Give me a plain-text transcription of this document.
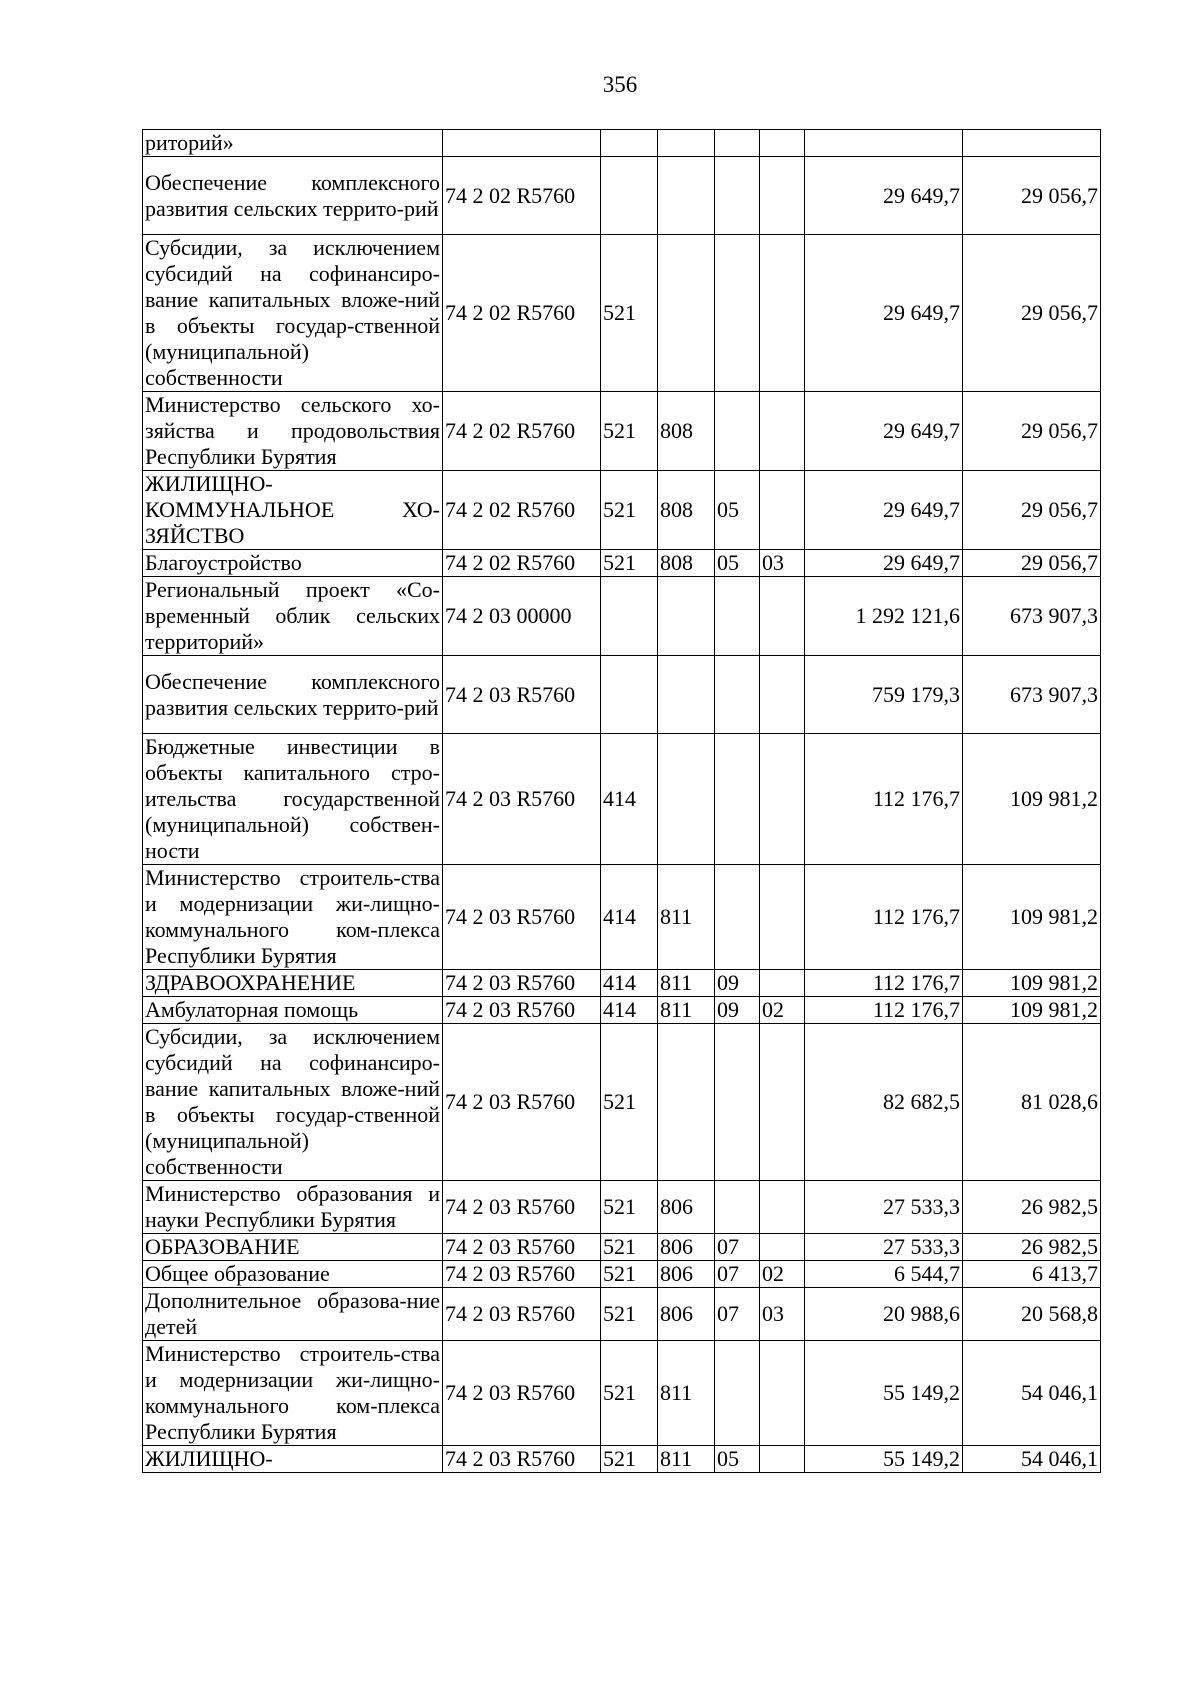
356
риторий»							
Обеспечение комплексного развития сельских террито-рий	74 2 02 R5760					29 649,7	29 056,7
Субсидии, за исключением субсидий на софинансиро-вание капитальных вложе-ний в объекты государ-ственной (муниципальной) собственности	74 2 02 R5760	521				29 649,7	29 056,7
Министерство сельского хо-зяйства и продовольствия Республики Бурятия	74 2 02 R5760	521	808			29 649,7	29 056,7
ЖИЛИЩНО-КОММУНАЛЬНОЕ ХО-ЗЯЙСТВО	74 2 02 R5760	521	808	05		29 649,7	29 056,7
Благоустройство	74 2 02 R5760	521	808	05	03	29 649,7	29 056,7
Региональный проект «Со-временный облик сельских территорий»	74 2 03 00000					1 292 121,6	673 907,3
Обеспечение комплексного развития сельских террито-рий	74 2 03 R5760					759 179,3	673 907,3
Бюджетные инвестиции в объекты капитального стро-ительства государственной (муниципальной) собствен-ности	74 2 03 R5760	414				112 176,7	109 981,2
Министерство строитель-ства и модернизации жи-лищно-коммунального ком-плекса Республики Бурятия	74 2 03 R5760	414	811			112 176,7	109 981,2
ЗДРАВООХРАНЕНИЕ	74 2 03 R5760	414	811	09		112 176,7	109 981,2
Амбулаторная помощь	74 2 03 R5760	414	811	09	02	112 176,7	109 981,2
Субсидии, за исключением субсидий на софинансиро-вание капитальных вложе-ний в объекты государ-ственной (муниципальной) собственности	74 2 03 R5760	521				82 682,5	81 028,6
Министерство образования и науки Республики Бурятия	74 2 03 R5760	521	806			27 533,3	26 982,5
ОБРАЗОВАНИЕ	74 2 03 R5760	521	806	07		27 533,3	26 982,5
Общее образование	74 2 03 R5760	521	806	07	02	6 544,7	6 413,7
Дополнительное образова-ние детей	74 2 03 R5760	521	806	07	03	20 988,6	20 568,8
Министерство строитель-ства и модернизации жи-лищно-коммунального ком-плекса Республики Бурятия	74 2 03 R5760	521	811			55 149,2	54 046,1
ЖИЛИЩНО-	74 2 03 R5760	521	811	05		55 149,2	54 046,1
